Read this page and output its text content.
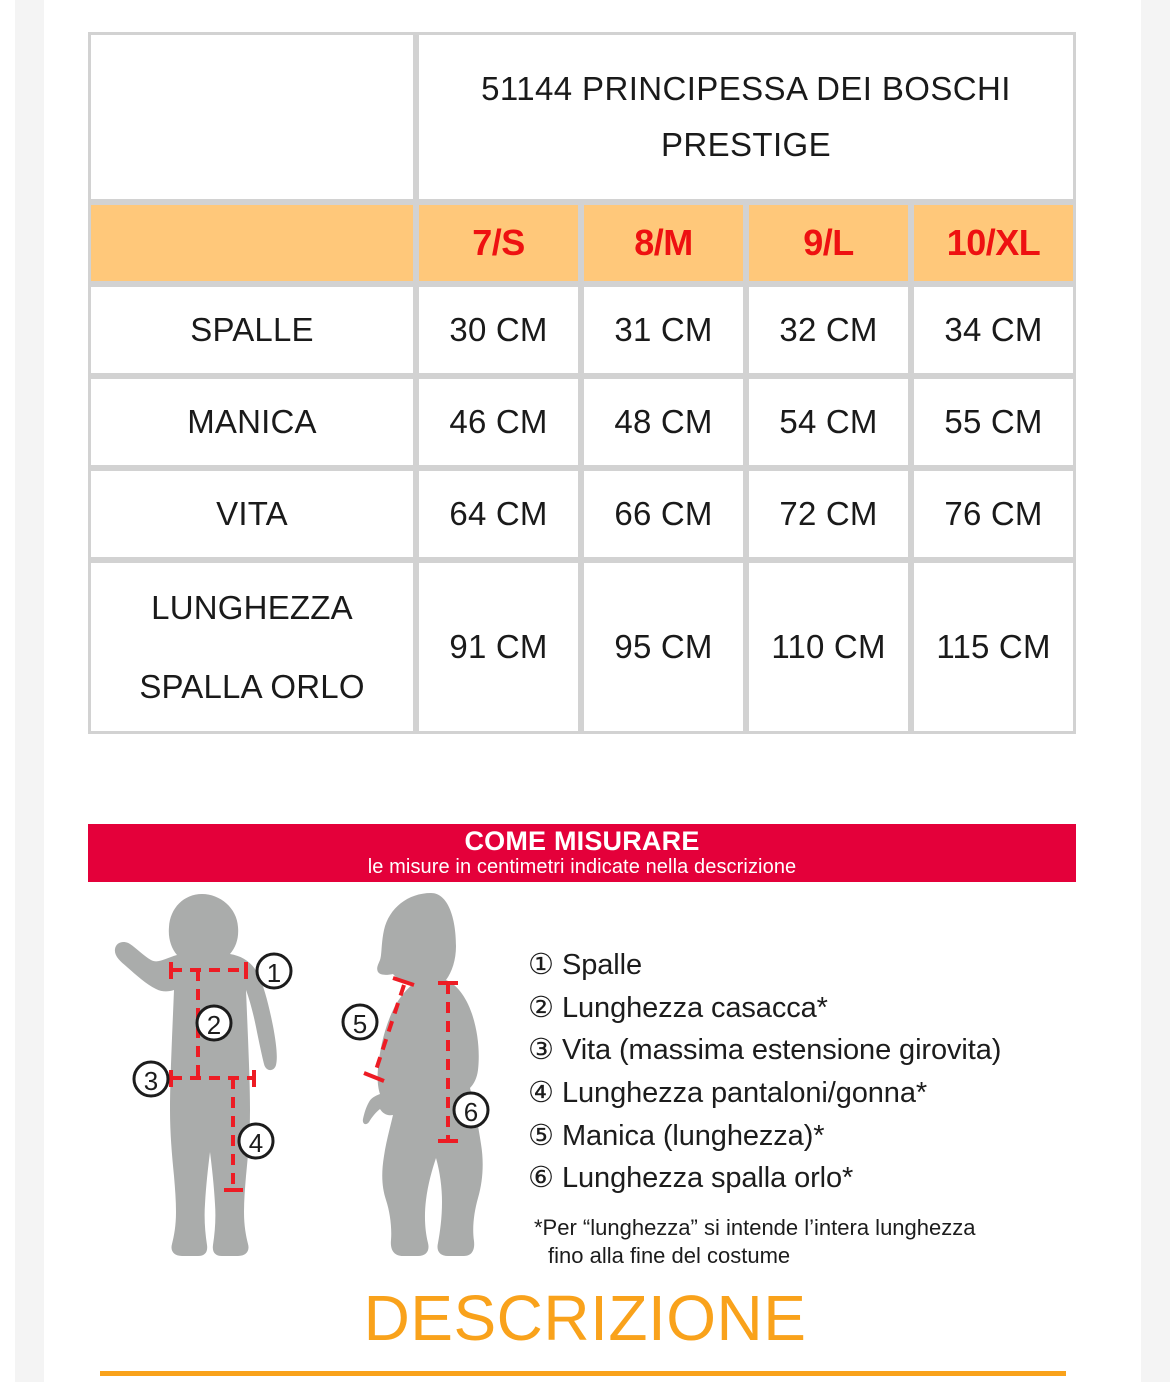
	51144 PRINCIPESSA DEI BOSCHI
PRESTIGE			

	7/S	8/M	9/L	10/XL
SPALLE	30 CM	31 CM	32 CM	34 CM
MANICA	46 CM	48 CM	54 CM	55 CM
VITA	64 CM	66 CM	72 CM	76 CM

LUNGHEZZA
SPALLA ORLO	91 CM	95 CM	110 CM	115 CM
COME MISURARE
le misure in centimetri indicate nella descrizione
1
2
3
4
5
6
① Spalle
② Lunghezza casacca*
③ Vita (massima estensione girovita)
④ Lunghezza pantaloni/gonna*
⑤ Manica (lunghezza)*
⑥ Lunghezza spalla orlo*
*Per “lunghezza” si intende l’intera lunghezza
fino alla fine del costume
DESCRIZIONE
